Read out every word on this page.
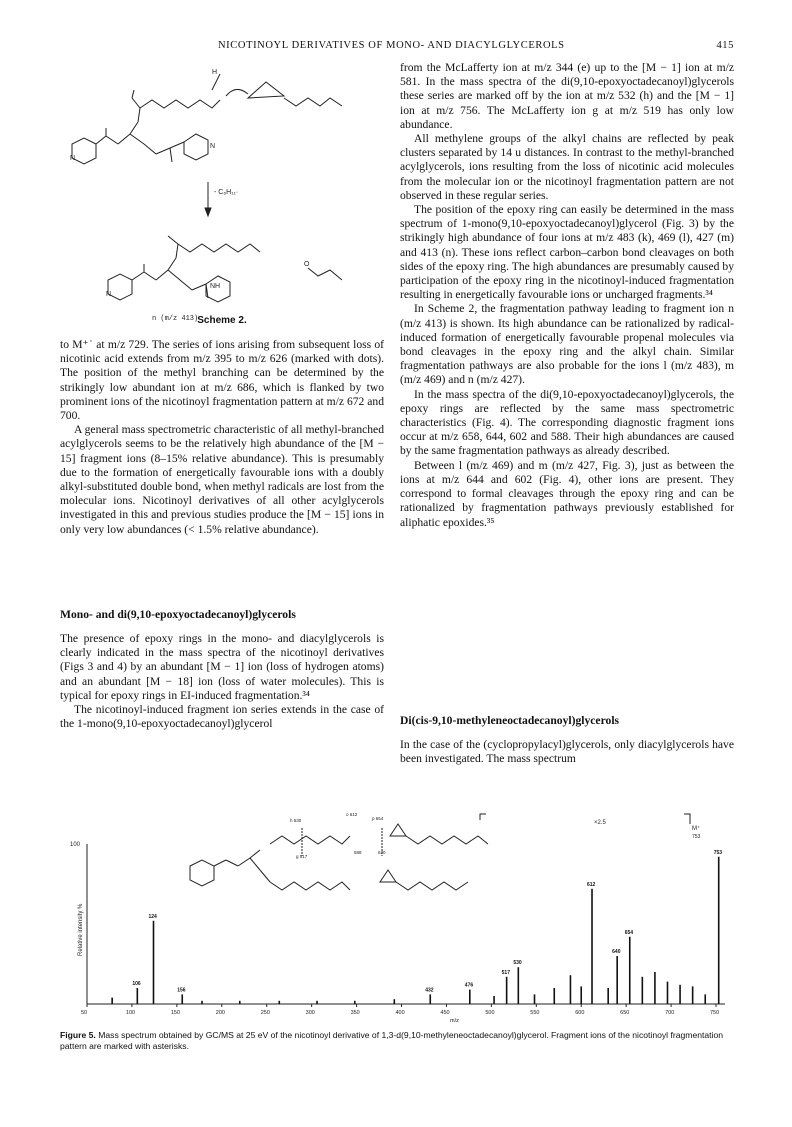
NICOTINOYL DERIVATIVES OF MONO- AND DIACYLGLYCEROLS	415
H
- C₆H₁₁·
N
N
NH
N
O
n (m/z 413) Scheme 2.

to M⁺˙ at m/z 729. The series of ions arising from subsequent loss of nicotinic acid extends from m/z 395 to m/z 626 (marked with dots). The position of the methyl branching can be determined by the strikingly low abundant ion at m/z 686, which is flanked by two prominent ions of the nicotinoyl fragmentation pattern at m/z 672 and 700.

A general mass spectrometric characteristic of all methyl-branched acylglycerols seems to be the relatively high abundance of the [M − 15] fragment ions (8–15% relative abundance). This is presumably due to the formation of energetically favourable ions with a doubly alkyl-substituted double bond, when methyl radicals are lost from the molecular ions. Nicotinoyl derivatives of all other acylglycerols investigated in this and previous studies produce the [M − 15] ions in only very low abundances (< 1.5% relative abundance).

Mono- and di(9,10-epoxyoctadecanoyl)glycerols

The presence of epoxy rings in the mono- and diacylglycerols is clearly indicated in the mass spectra of the nicotinoyl derivatives (Figs 3 and 4) by an abundant [M − 1] ion (loss of hydrogen atoms) and an abundant [M − 18] ion (loss of water molecules). This is typical for epoxy rings in EI-induced fragmentation.³⁴

The nicotinoyl-induced fragment ion series extends in the case of the 1-mono(9,10-epoxyoctadecanoyl)glycerol

from the McLafferty ion at m/z 344 (e) up to the [M − 1] ion at m/z 581. In the mass spectra of the di(9,10-epoxyoctadecanoyl)glycerols these series are marked off by the ion at m/z 532 (h) and the [M − 1] ion at m/z 756. The McLafferty ion g at m/z 519 has only low abundance.

All methylene groups of the alkyl chains are reflected by peak clusters separated by 14 u distances. In contrast to the methyl-branched acylglycerols, ions resulting from the loss of nicotinic acid molecules from the molecular ion or the nicotinoyl fragmentation pattern are not observed in these regular series.

The position of the epoxy ring can easily be determined in the mass spectrum of 1-mono(9,10-epoxyoctadecanoyl)glycerol (Fig. 3) by the strikingly high abundance of four ions at m/z 483 (k), 469 (l), 427 (m) and 413 (n). These ions reflect carbon–carbon bond cleavages on both sides of the epoxy ring. The high abundances are presumably caused by participation of the epoxy ring in the nicotinoyl-induced fragmentation resulting in energetically favourable ions or uncharged fragments.³⁴

In Scheme 2, the fragmentation pathway leading to fragment ion n (m/z 413) is shown. Its high abundance can be rationalized by radical-induced formation of energetically favourable propenal molecules via bond cleavages in the epoxy ring and the alkyl chain. Similar fragmentation pathways are also probable for the ions l (m/z 483), m (m/z 469) and n (m/z 427).

In the mass spectra of the di(9,10-epoxyoctadecanoyl)glycerols, the epoxy rings are reflected by the same mass spectrometric characteristics (Fig. 4). The corresponding diagnostic fragment ions occur at m/z 658, 644, 602 and 588. Their high abundances are caused by the same fragmentation pathways as already described.

Between l (m/z 469) and m (m/z 427, Fig. 3), just as between the ions at m/z 644 and 602 (Fig. 4), other ions are present. They correspond to formal cleavages through the epoxy ring and can be rationalized by fragmentation pathways previously established for aliphatic epoxides.³⁵

Di(cis-9,10-methyleneoctadecanoyl)glycerols

In the case of the (cyclopropylacyl)glycerols, only diacylglycerols have been investigated. The mass spectrum

100
Relative intensity %
m/z
×2.5
M⁺
753
h 530
o 612
p 654
g 517
588	630
50	100	150	200	250	300	350	400	450	500	550	600	650	700	750
106
124
156	432
476
517
530
612
640
654
753
Figure 5. Mass spectrum obtained by GC/MS at 25 eV of the nicotinoyl derivative of 1,3-d(9,10-methyleneoctadecanoyl)glycerol. Fragment ions of the nicotinoyl fragmentation pattern are marked with asterisks.
